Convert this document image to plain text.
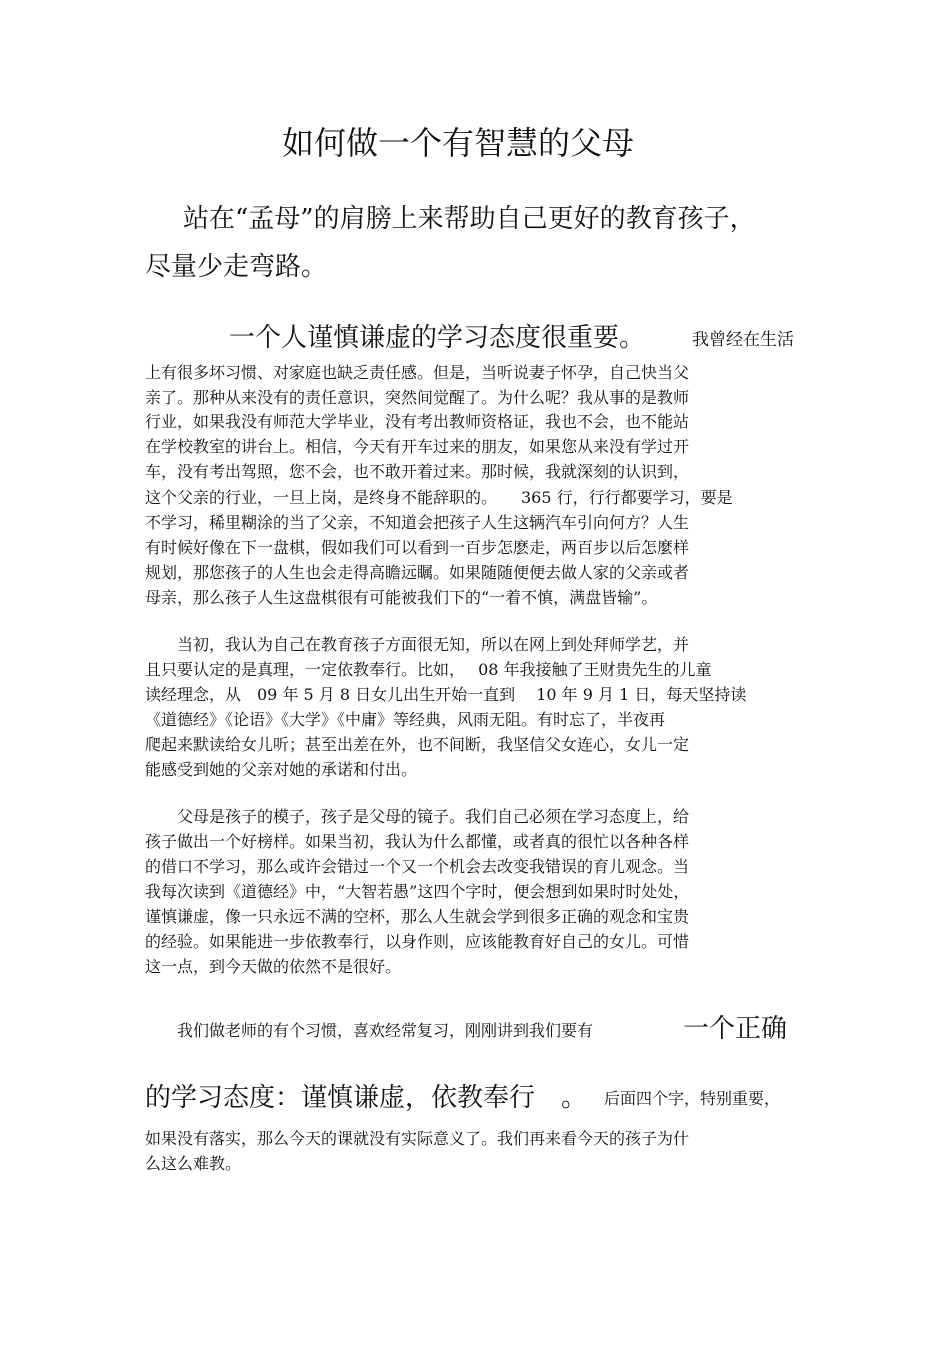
如何做一个有智慧的父母
站在“孟母”的肩膀上来帮助自己更好的教育孩子，
尽量少走弯路。
一个人谨慎谦虚的学习态度很重要。	我曾经在生活
上有很多坏习惯、对家庭也缺乏责任感。但是，当听说妻子怀孕，自己快当父
亲了。那种从来没有的责任意识，突然间觉醒了。为什么呢？我从事的是教师
行业，如果我没有师范大学毕业，没有考出教师资格证，我也不会，也不能站
在学校教室的讲台上。相信，今天有开车过来的朋友，如果您从来没有学过开
车，没有考出驾照，您不会，也不敢开着过来。那时候，我就深刻的认识到，
这个父亲的行业，一旦上岗，是终身不能辞职的。　　365 行，行行都要学习，要是
不学习，稀里糊涂的当了父亲，不知道会把孩子人生这辆汽车引向何方？人生
有时候好像在下一盘棋，假如我们可以看到一百步怎麽走，两百步以后怎麼样
规划，那您孩子的人生也会走得高瞻远瞩。如果随随便便去做人家的父亲或者
母亲，那么孩子人生这盘棋很有可能被我们下的“一着不慎，满盘皆输”。
　　当初，我认为自己在教育孩子方面很无知，所以在网上到处拜师学艺，并
且只要认定的是真理，一定依教奉行。比如，　 08 年我接触了王财贵先生的儿童
读经理念，从　09 年 5 月 8 日女儿出生开始一直到　 10 年 9 月 1 日，每天坚持读
《道德经》《论语》《大学》《中庸》等经典，风雨无阻。有时忘了，半夜再
爬起来默读给女儿听；甚至出差在外，也不间断，我坚信父女连心，女儿一定
能感受到她的父亲对她的承诺和付出。
　　父母是孩子的模子，孩子是父母的镜子。我们自己必须在学习态度上，给
孩子做出一个好榜样。如果当初，我认为什么都懂，或者真的很忙以各种各样
的借口不学习，那么或许会错过一个又一个机会去改变我错误的育儿观念。当
我每次读到《道德经》中，“大智若愚”这四个字时，便会想到如果时时处处，
谨慎谦虚，像一只永远不满的空杯，那么人生就会学到很多正确的观念和宝贵
的经验。如果能进一步依教奉行，以身作则，应该能教育好自己的女儿。可惜
这一点，到今天做的依然不是很好。
　　我们做老师的有个习惯，喜欢经常复习，刚刚讲到我们要有	一个正确
的学习态度：谨慎谦虚，依教奉行　。 后面四个字，特别重要，
如果没有落实，那么今天的课就没有实际意义了。我们再来看今天的孩子为什
么这么难教。
